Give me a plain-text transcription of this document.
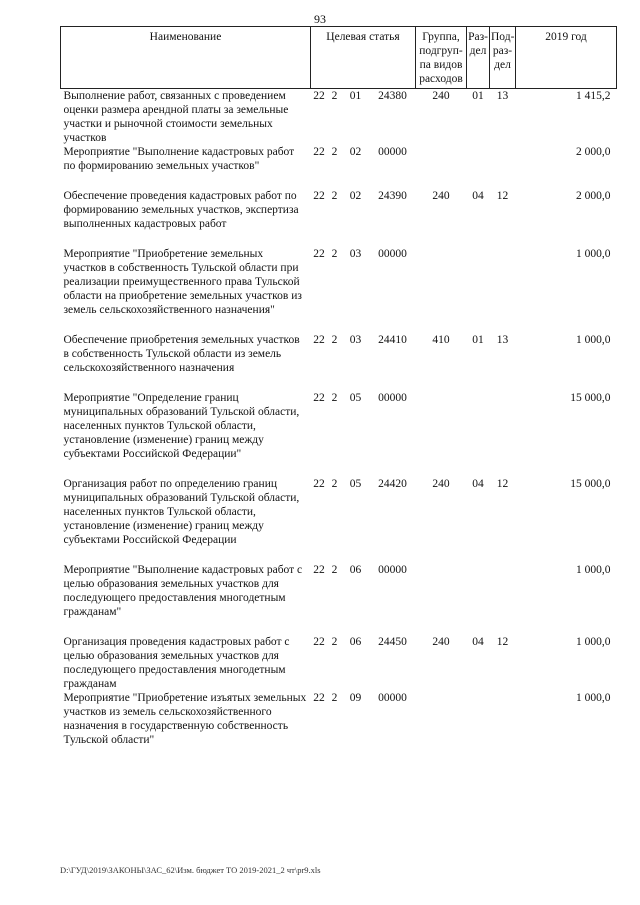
93
Наименование	Целевая статья				Группа, подгруп-па видов расходов	Раз-дел	Под-раз-дел	2019 год
Выполнение работ, связанных с проведением оценки размера арендной платы за земельные участки и рыночной стоимости земельных участков	22	2	01	24380	240	01	13	1 415,2
Мероприятие "Выполнение кадастровых работ по формированию земельных участков"	22	2	02	00000				2 000,0

Обеспечение проведения кадастровых работ по формированию земельных участков, экспертиза выполненных кадастровых работ	22	2	02	24390	240	04	12	2 000,0

Мероприятие "Приобретение земельных участков в собственность Тульской области при реализации преимущественного права Тульской области на приобретение земельных участков из земель сельскохозяйственного назначения"	22	2	03	00000				1 000,0

Обеспечение приобретения земельных участков в собственность Тульской области из земель сельскохозяйственного назначения	22	2	03	24410	410	01	13	1 000,0

Мероприятие "Определение границ муниципальных образований Тульской области, населенных пунктов Тульской области, установление (изменение) границ между субъектами Российской Федерации"	22	2	05	00000				15 000,0

Организация работ по определению границ муниципальных образований Тульской области, населенных пунктов Тульской области, установление (изменение) границ между субъектами Российской Федерации	22	2	05	24420	240	04	12	15 000,0

Мероприятие "Выполнение кадастровых работ с целью образования земельных участков для последующего предоставления многодетным гражданам"	22	2	06	00000				1 000,0

Организация проведения кадастровых работ с целью образования земельных участков для последующего предоставления многодетным гражданам	22	2	06	24450	240	04	12	1 000,0
Мероприятие "Приобретение изъятых земельных участков из земель сельскохозяйственного назначения в государственную собственность Тульской области"	22	2	09	00000				1 000,0
D:\ГУД\2019\ЗАКОНЫ\ЗАС_62\Изм. бюджет ТО 2019-2021_2 чт\pr9.xls
